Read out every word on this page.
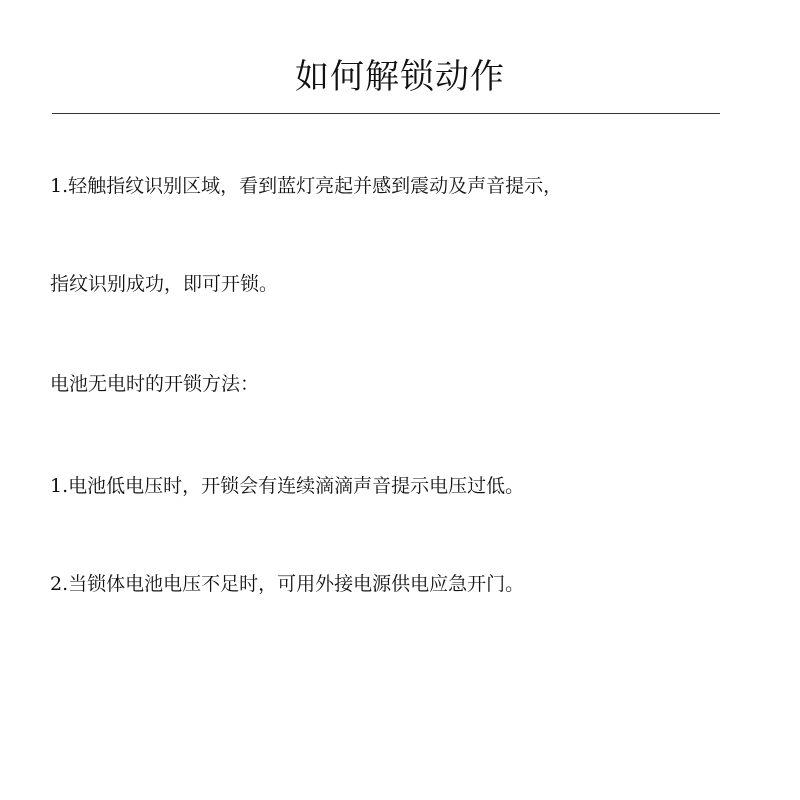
如何解锁动作

1.轻触指纹识别区域，看到蓝灯亮起并感到震动及声音提示，

指纹识别成功，即可开锁。

电池无电时的开锁方法：

1.电池低电压时，开锁会有连续滴滴声音提示电压过低。

2.当锁体电池电压不足时，可用外接电源供电应急开门。
